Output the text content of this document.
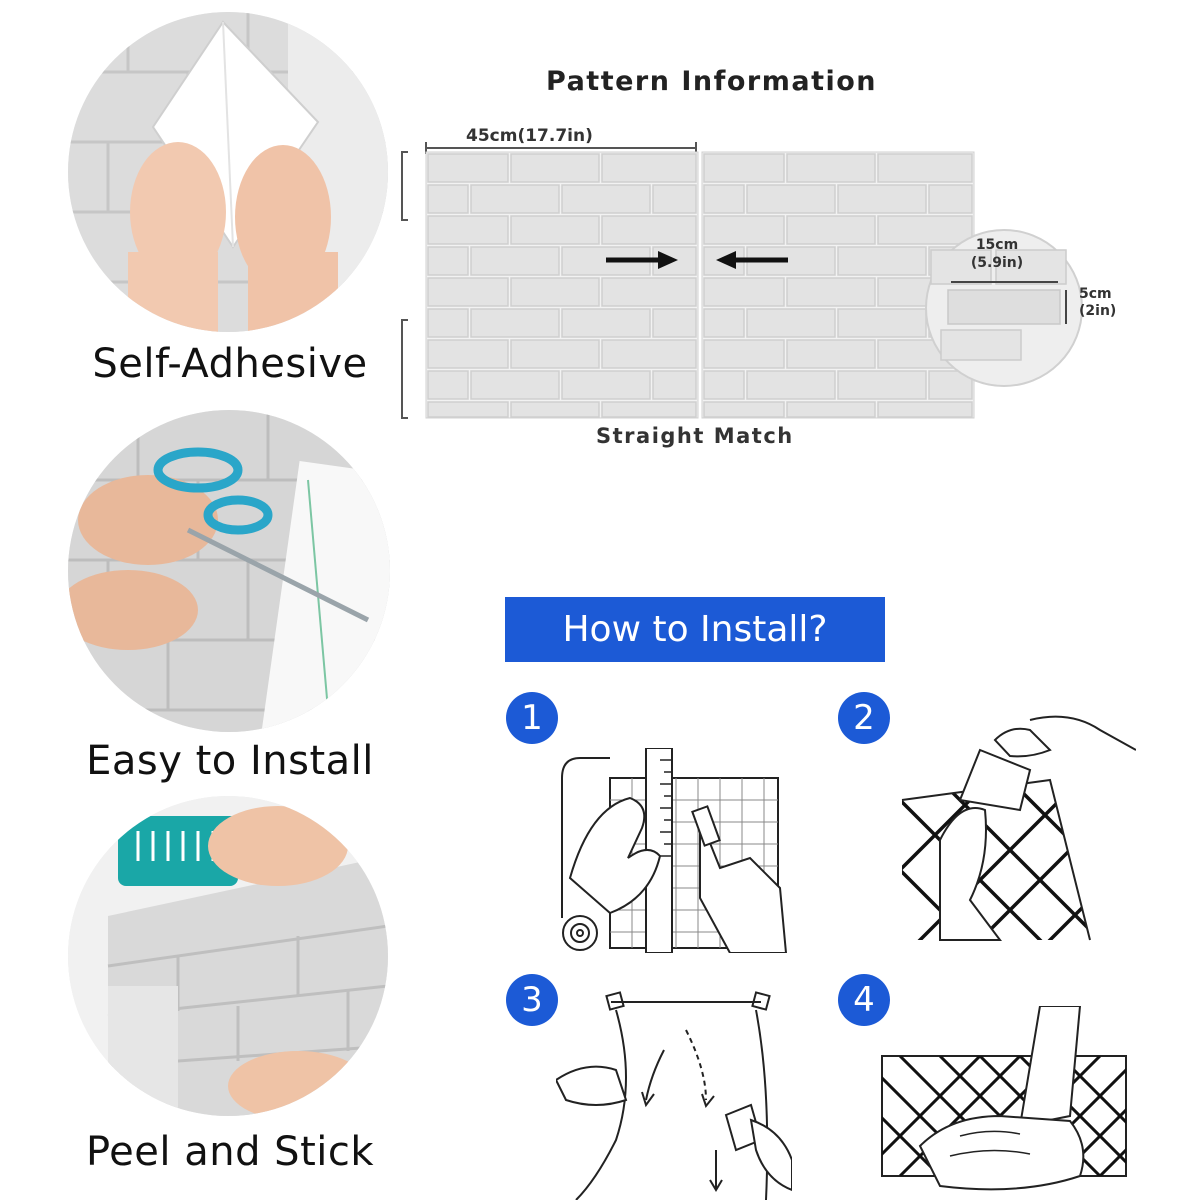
Self-Adhesive
Easy to Install
Peel and Stick
Pattern Information
45cm(17.7in)
15cm
(5.9in)
5cm
(2in)
Straight Match
How to Install?
1	2
3	4
